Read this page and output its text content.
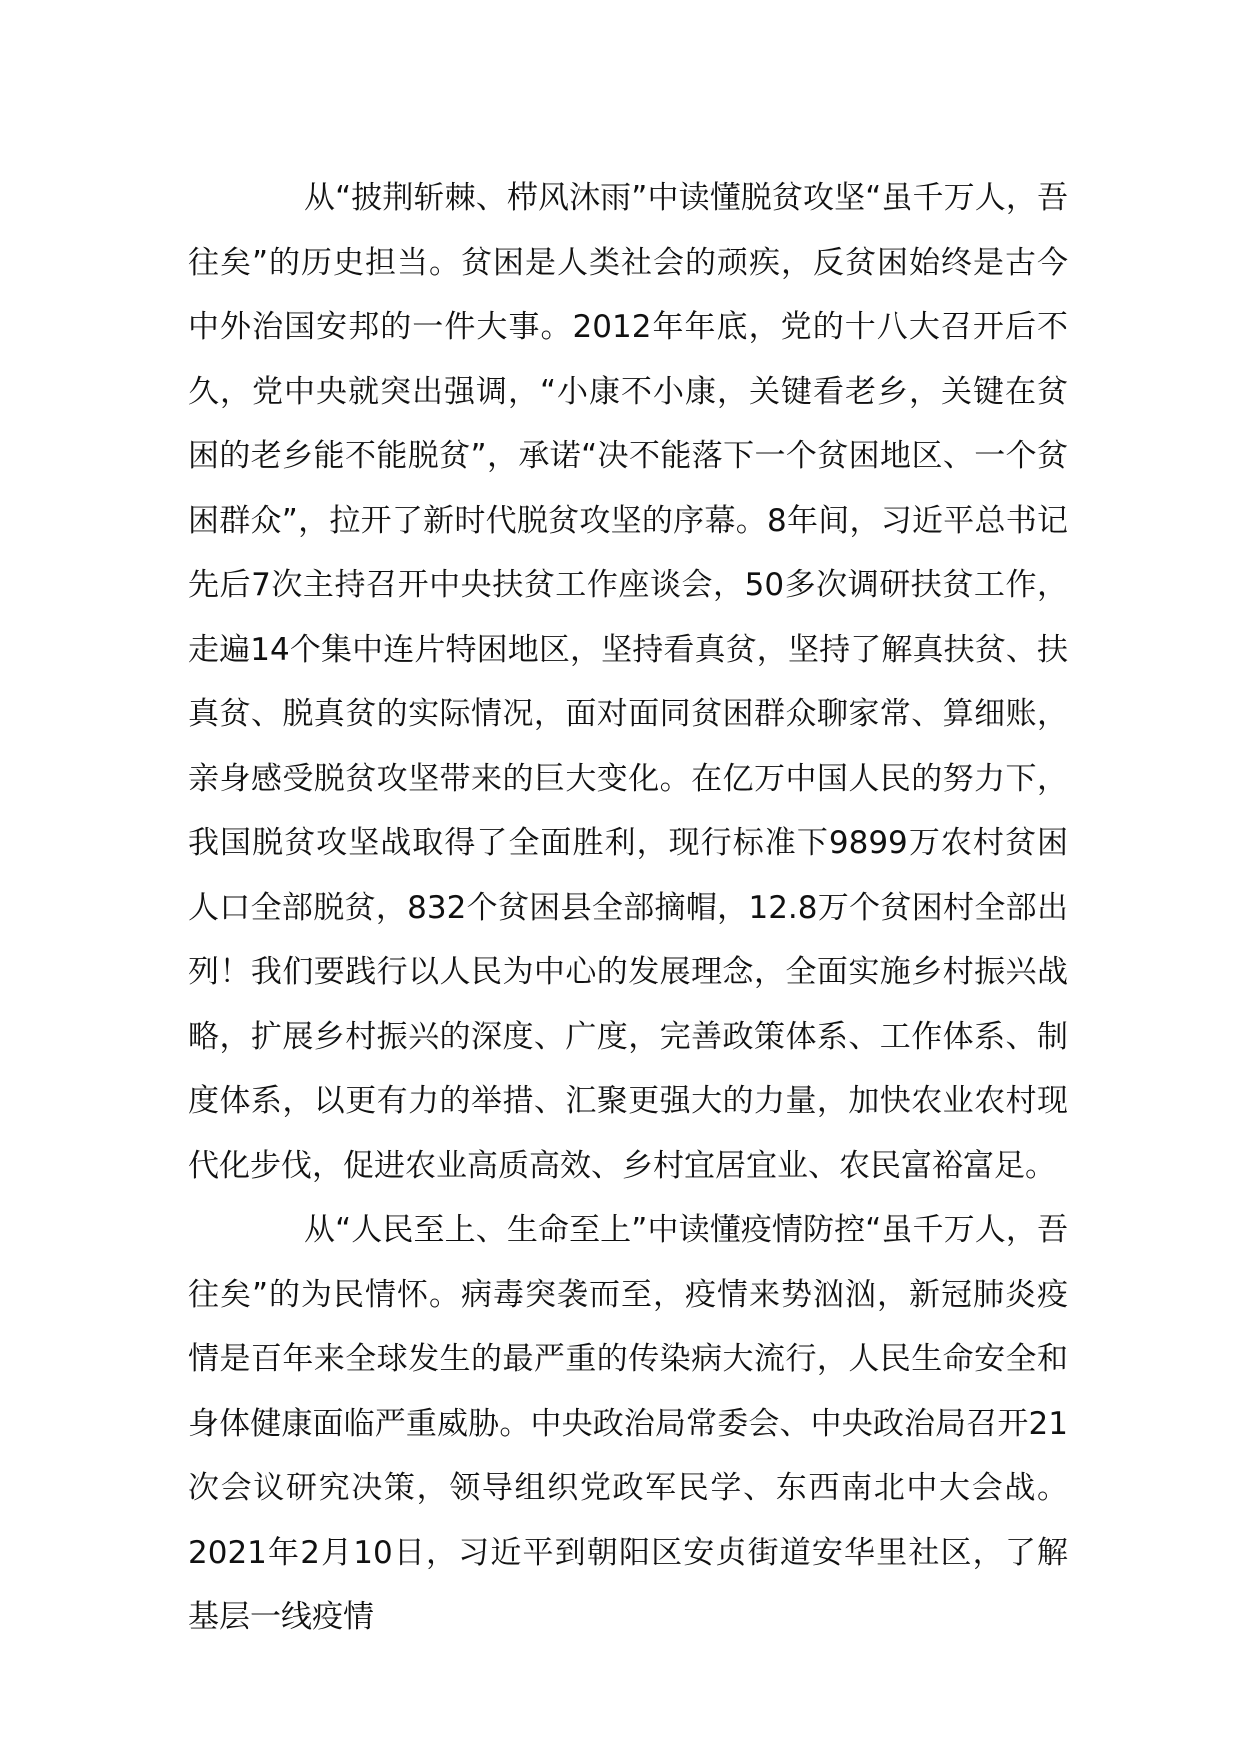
从“披荆斩棘、栉风沐雨”中读懂脱贫攻坚“虽千万人，吾往矣”的历史担当。贫困是人类社会的顽疾，反贫困始终是古今中外治国安邦的一件大事。2012年年底，党的十八大召开后不久，党中央就突出强调，“小康不小康，关键看老乡，关键在贫困的老乡能不能脱贫”，承诺“决不能落下一个贫困地区、一个贫困群众”，拉开了新时代脱贫攻坚的序幕。8年间，习近平总书记先后7次主持召开中央扶贫工作座谈会，50多次调研扶贫工作，走遍14个集中连片特困地区，坚持看真贫，坚持了解真扶贫、扶真贫、脱真贫的实际情况，面对面同贫困群众聊家常、算细账，亲身感受脱贫攻坚带来的巨大变化。在亿万中国人民的努力下，我国脱贫攻坚战取得了全面胜利，现行标准下9899万农村贫困人口全部脱贫，832个贫困县全部摘帽，12.8万个贫困村全部出列！我们要践行以人民为中心的发展理念，全面实施乡村振兴战略，扩展乡村振兴的深度、广度，完善政策体系、工作体系、制度体系，以更有力的举措、汇聚更强大的力量，加快农业农村现代化步伐，促进农业高质高效、乡村宜居宜业、农民富裕富足。

从“人民至上、生命至上”中读懂疫情防控“虽千万人，吾往矣”的为民情怀。病毒突袭而至，疫情来势汹汹，新冠肺炎疫情是百年来全球发生的最严重的传染病大流行，人民生命安全和身体健康面临严重威胁。中央政治局常委会、中央政治局召开21次会议研究决策，领导组织党政军民学、东西南北中大会战。2021年2月10日，习近平到朝阳区安贞街道安华里社区，了解基层一线疫情
